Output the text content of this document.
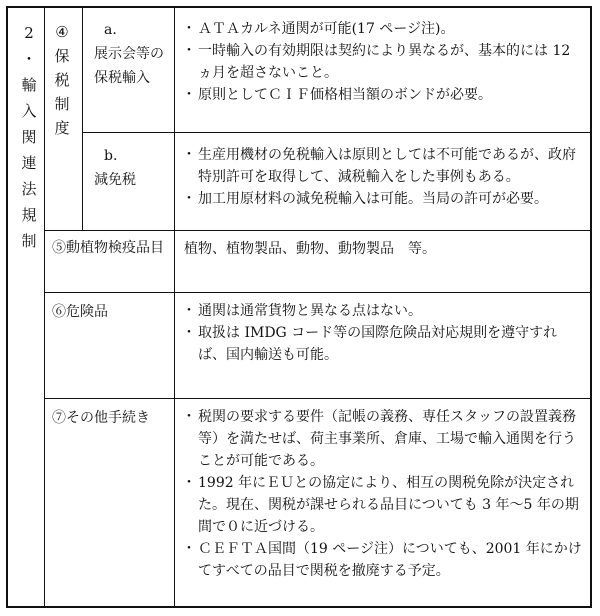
2
・
輸
入
関
連
法
規
制
④
保
税
制
度
a.
展示会等の保税輸入
・ ＡＴＡカルネ通関が可能(17 ページ注)。
・ 一時輸入の有効期限は契約により異なるが、基本的には 12ヵ月を超さないこと。
・ 原則としてＣＩＦ価格相当額のボンドが必要。
b.
減免税
・ 生産用機材の免税輸入は原則としては不可能であるが、政府特別許可を取得して、減税輸入をした事例もある。
・ 加工用原材料の減免税輸入は可能。当局の許可が必要。
⑤動植物検疫品目 植物、植物製品、動物、動物製品　等。
⑥危険品	・ 通関は通常貨物と異なる点はない。
・ 取扱は IMDG コード等の国際危険品対応規則を遵守すれば、国内輸送も可能。
⑦その他手続き	・ 税関の要求する要件（記帳の義務、専任スタッフの設置義務等）を満たせば、荷主事業所、倉庫、工場で輸入通関を行うことが可能である。
・ 1992 年にＥＵとの協定により、相互の関税免除が決定された。現在、関税が課せられる品目についても 3 年～5 年の期間で０に近づける。
・ ＣＥＦＴＡ国間（19 ページ注）についても、2001 年にかけてすべての品目で関税を撤廃する予定。
